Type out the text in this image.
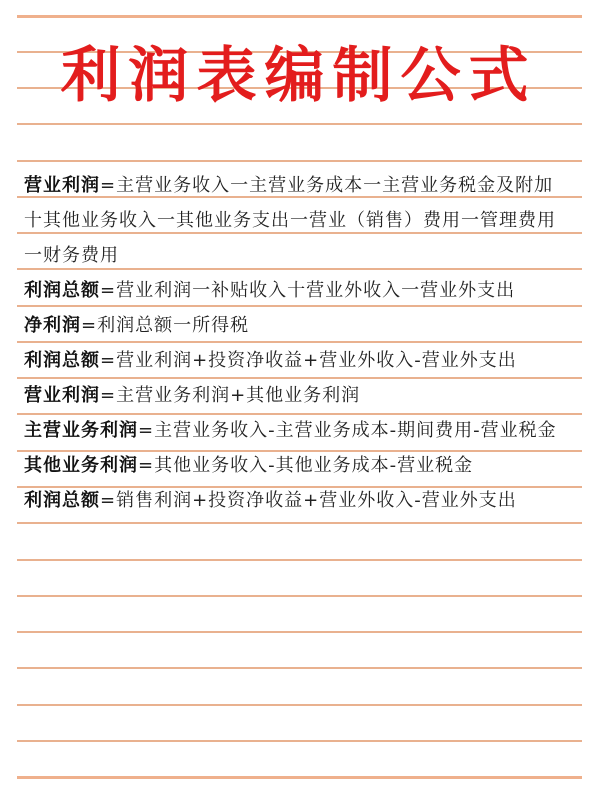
利润表编制公式
营业利润=主营业务收入一主营业务成本一主营业务税金及附加十其他业务收入一其他业务支出一营业（销售）费用一管理费用一财务费用
利润总额=营业利润一补贴收入十营业外收入一营业外支出
净利润=利润总额一所得税
利润总额=营业利润+投资净收益+营业外收入-营业外支出
营业利润=主营业务利润+其他业务利润
主营业务利润=主营业务收入-主营业务成本-期间费用-营业税金
其他业务利润=其他业务收入-其他业务成本-营业税金
利润总额=销售利润+投资净收益+营业外收入-营业外支出
